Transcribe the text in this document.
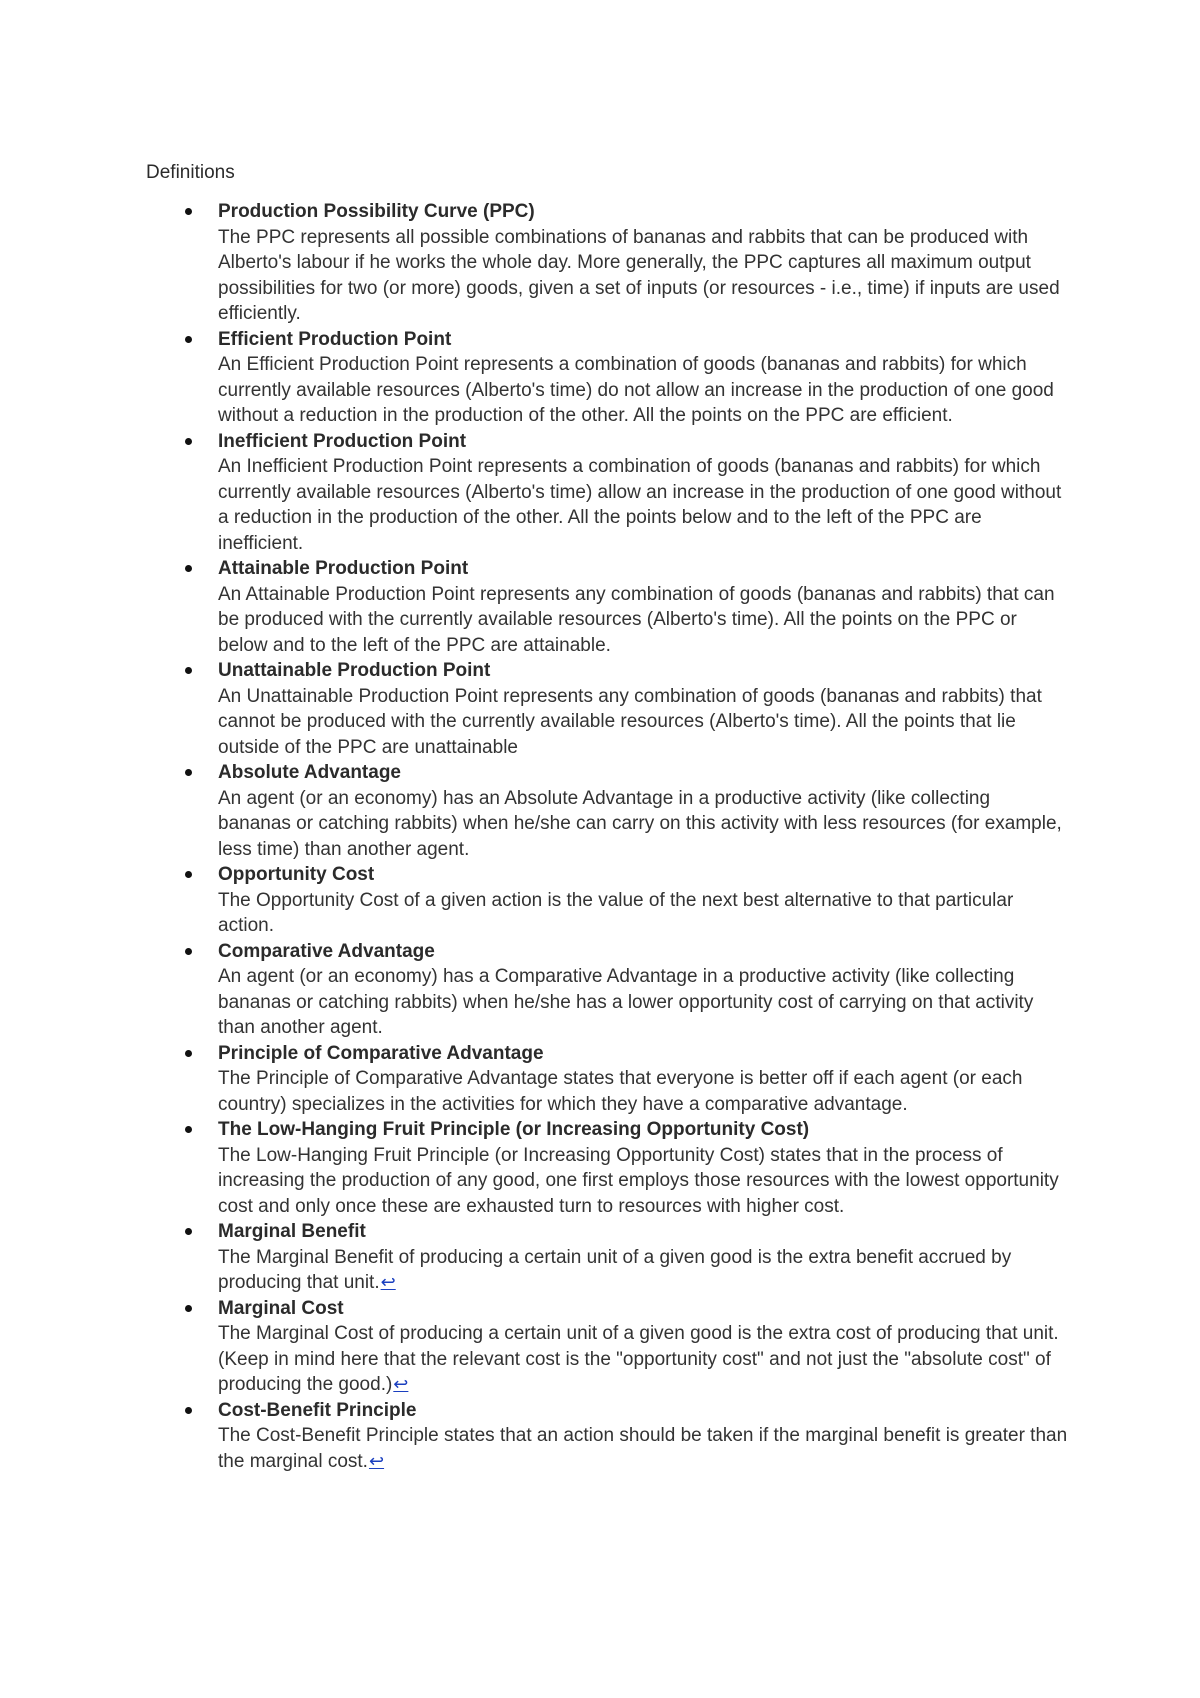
Definitions
Production Possibility Curve (PPC)
The PPC represents all possible combinations of bananas and rabbits that can be produced with Alberto's labour if he works the whole day. More generally, the PPC captures all maximum output possibilities for two (or more) goods, given a set of inputs (or resources - i.e., time) if inputs are used efficiently.
Efficient Production Point
An Efficient Production Point represents a combination of goods (bananas and rabbits) for which currently available resources (Alberto's time) do not allow an increase in the production of one good without a reduction in the production of the other. All the points on the PPC are efficient.
Inefficient Production Point
An Inefficient Production Point represents a combination of goods (bananas and rabbits) for which currently available resources (Alberto's time) allow an increase in the production of one good without a reduction in the production of the other. All the points below and to the left of the PPC are inefficient.
Attainable Production Point
An Attainable Production Point represents any combination of goods (bananas and rabbits) that can be produced with the currently available resources (Alberto's time). All the points on the PPC or below and to the left of the PPC are attainable.
Unattainable Production Point
An Unattainable Production Point represents any combination of goods (bananas and rabbits) that cannot be produced with the currently available resources (Alberto's time). All the points that lie outside of the PPC are unattainable
Absolute Advantage
An agent (or an economy) has an Absolute Advantage in a productive activity (like collecting bananas or catching rabbits) when he/she can carry on this activity with less resources (for example, less time) than another agent.
Opportunity Cost
The Opportunity Cost of a given action is the value of the next best alternative to that particular action.
Comparative Advantage
An agent (or an economy) has a Comparative Advantage in a productive activity (like collecting bananas or catching rabbits) when he/she has a lower opportunity cost of carrying on that activity than another agent.
Principle of Comparative Advantage
The Principle of Comparative Advantage states that everyone is better off if each agent (or each country) specializes in the activities for which they have a comparative advantage.
The Low-Hanging Fruit Principle (or Increasing Opportunity Cost)
The Low-Hanging Fruit Principle (or Increasing Opportunity Cost) states that in the process of increasing the production of any good, one first employs those resources with the lowest opportunity cost and only once these are exhausted turn to resources with higher cost.
Marginal Benefit
The Marginal Benefit of producing a certain unit of a given good is the extra benefit accrued by producing that unit.↩
Marginal Cost
The Marginal Cost of producing a certain unit of a given good is the extra cost of producing that unit. (Keep in mind here that the relevant cost is the "opportunity cost" and not just the "absolute cost" of producing the good.)↩
Cost-Benefit Principle
The Cost-Benefit Principle states that an action should be taken if the marginal benefit is greater than the marginal cost.↩
